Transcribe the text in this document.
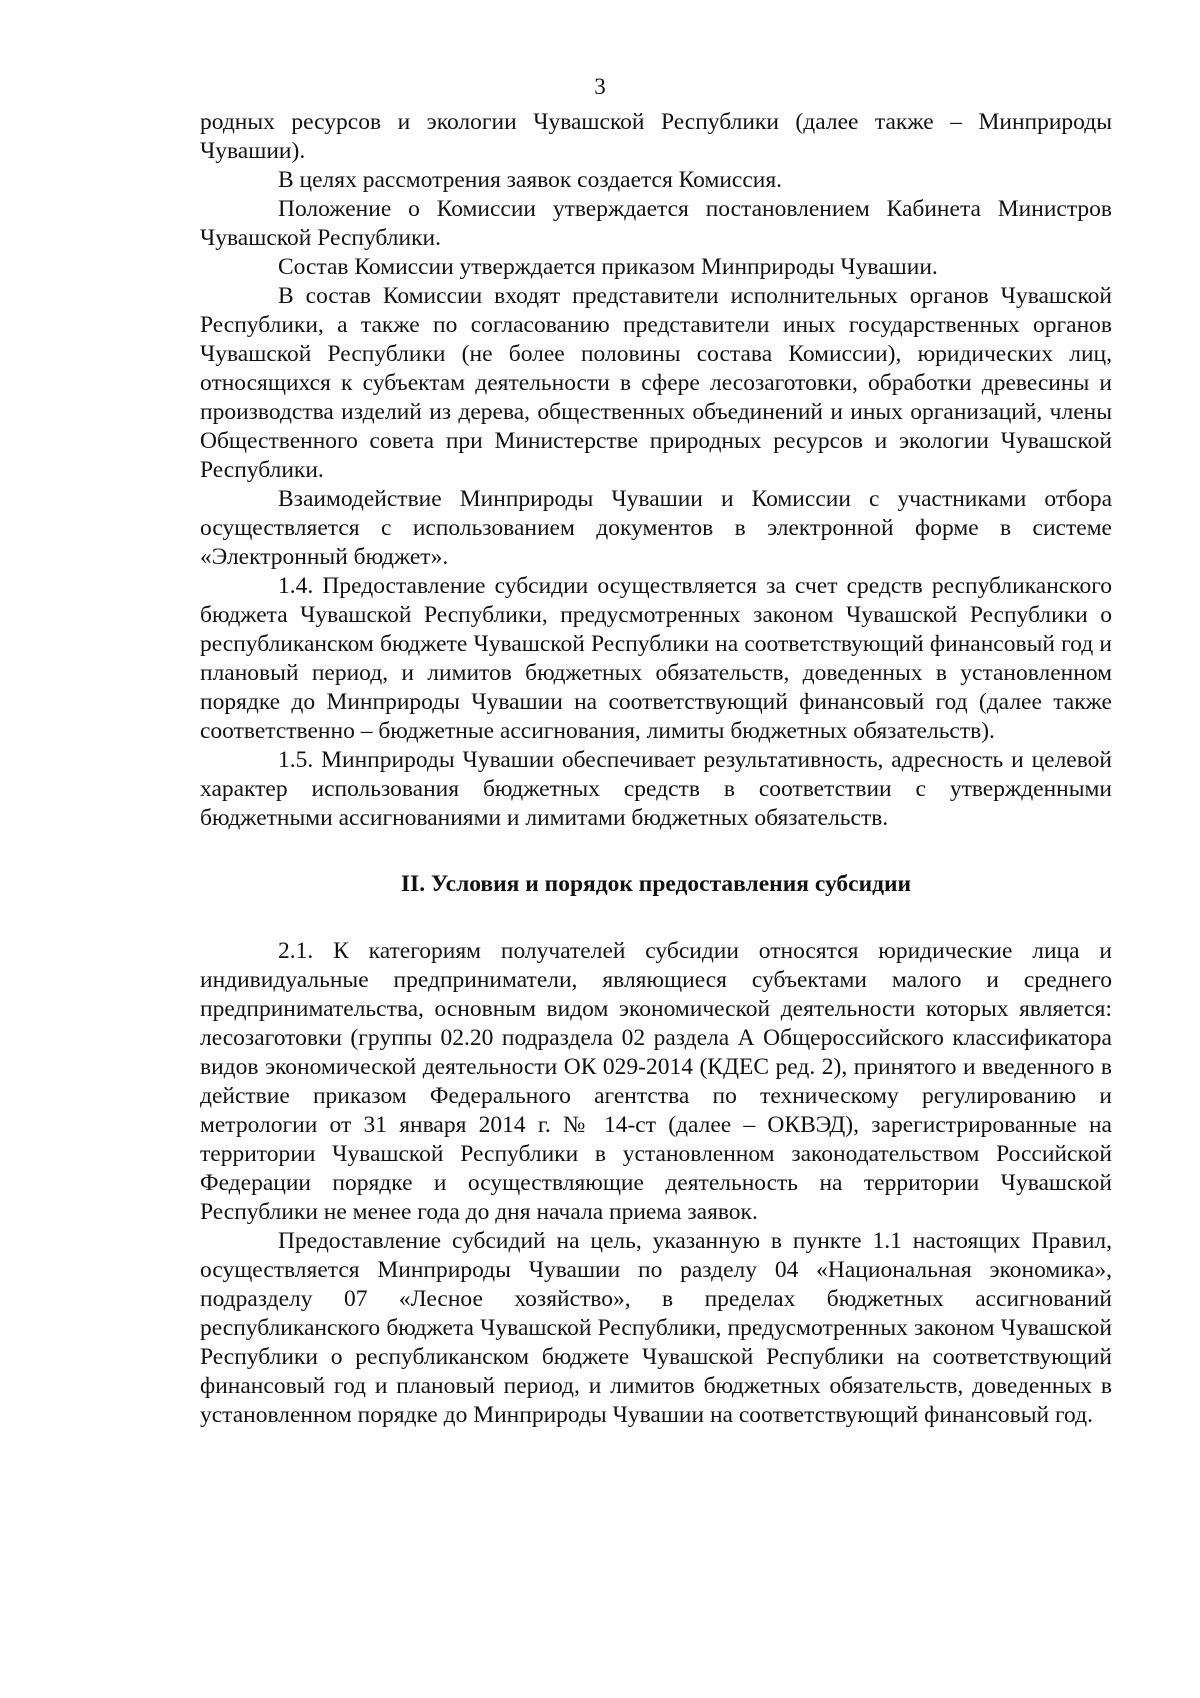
3

родных ресурсов и экологии Чувашской Республики (далее также – Минприроды Чувашии).

В целях рассмотрения заявок создается Комиссия.

Положение о Комиссии утверждается постановлением Кабинета Министров Чувашской Республики.

Состав Комиссии утверждается приказом Минприроды Чувашии.

В состав Комиссии входят представители исполнительных органов Чувашской Республики, а также по согласованию представители иных государственных органов Чувашской Республики (не более половины состава Комиссии), юридических лиц, относящихся к субъектам деятельности в сфере лесозаготовки, обработки древесины и производства изделий из дерева, общественных объединений и иных организаций, члены Общественного совета при Министерстве природных ресурсов и экологии Чувашской Республики.

Взаимодействие Минприроды Чувашии и Комиссии с участниками отбора осуществляется с использованием документов в электронной форме в системе «Электронный бюджет».

1.4. Предоставление субсидии осуществляется за счет средств республиканского бюджета Чувашской Республики, предусмотренных законом Чувашской Республики о республиканском бюджете Чувашской Республики на соответствующий финансовый год и плановый период, и лимитов бюджетных обязательств, доведенных в установленном порядке до Минприроды Чувашии на соответствующий финансовый год (далее также соответственно – бюджетные ассигнования, лимиты бюджетных обязательств).

1.5. Минприроды Чувашии обеспечивает результативность, адресность и целевой характер использования бюджетных средств в соответствии с утвержденными бюджетными ассигнованиями и лимитами бюджетных обязательств.

II. Условия и порядок предоставления субсидии

2.1. К категориям получателей субсидии относятся юридические лица и индивидуальные предприниматели, являющиеся субъектами малого и среднего предпринимательства, основным видом экономической деятельности которых является: лесозаготовки (группы 02.20 подраздела 02 раздела А Общероссийского классификатора видов экономической деятельности ОК 029-2014 (КДЕС ред. 2), принятого и введенного в действие приказом Федерального агентства по техническому регулированию и метрологии от 31 января 2014 г. № 14-ст (далее – ОКВЭД), зарегистрированные на территории Чувашской Республики в установленном законодательством Российской Федерации порядке и осуществляющие деятельность на территории Чувашской Республики не менее года до дня начала приема заявок.

Предоставление субсидий на цель, указанную в пункте 1.1 настоящих Правил, осуществляется Минприроды Чувашии по разделу 04 «Национальная экономика», подразделу 07 «Лесное хозяйство», в пределах бюджетных ассигнований республиканского бюджета Чувашской Республики, предусмотренных законом Чувашской Республики о республиканском бюджете Чувашской Республики на соответствующий финансовый год и плановый период, и лимитов бюджетных обязательств, доведенных в установленном порядке до Минприроды Чувашии на соответствующий финансовый год.
